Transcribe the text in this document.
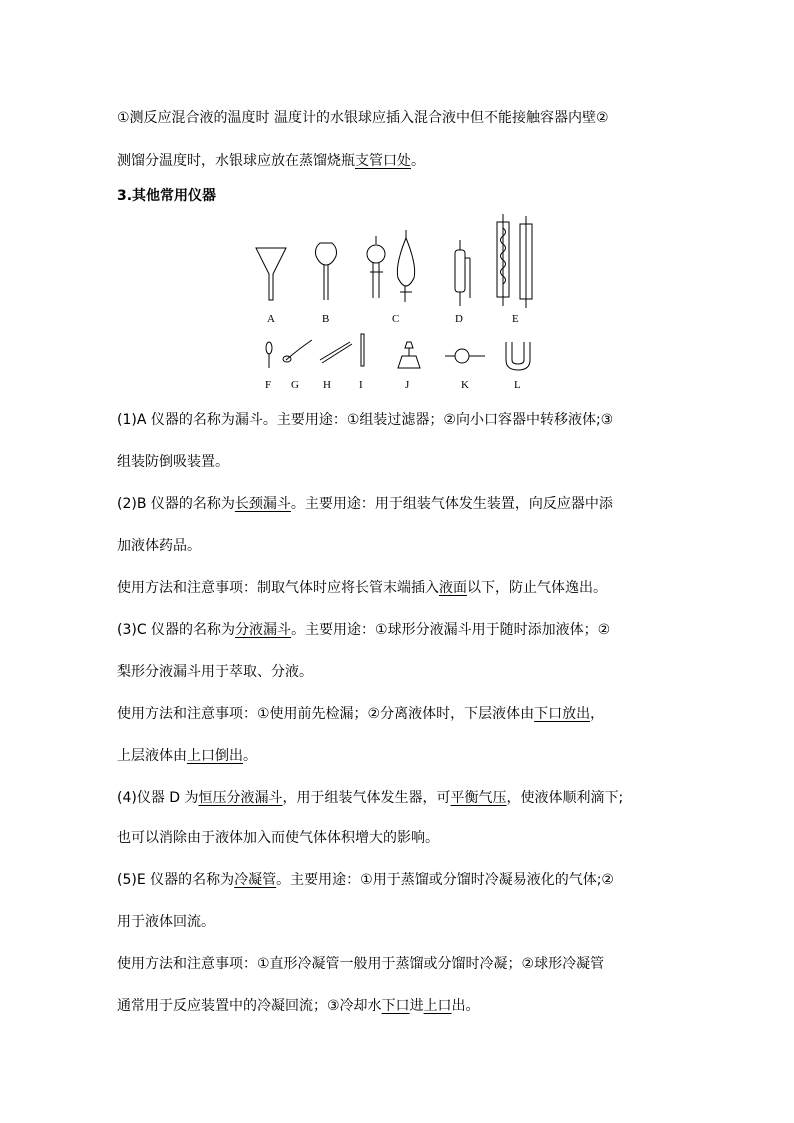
①测反应混合液的温度时 温度计的水银球应插入混合液中但不能接触容器内壁②
测馏分温度时，水银球应放在蒸馏烧瓶支管口处。
3.其他常用仪器
A	B	C	D	E
F G H	I	J	K	L
(1)A 仪器的名称为漏斗。主要用途：①组装过滤器；②向小口容器中转移液体;③
组装防倒吸装置。
(2)B 仪器的名称为长颈漏斗。主要用途：用于组装气体发生装置，向反应器中添
加液体药品。
使用方法和注意事项：制取气体时应将长管末端插入液面以下，防止气体逸出。
(3)C 仪器的名称为分液漏斗。主要用途：①球形分液漏斗用于随时添加液体；②
梨形分液漏斗用于萃取、分液。
使用方法和注意事项：①使用前先检漏；②分离液体时，下层液体由下口放出，
上层液体由上口倒出。
(4)仪器 D 为恒压分液漏斗，用于组装气体发生器，可平衡气压，使液体顺利滴下;
也可以消除由于液体加入而使气体体积增大的影响。
(5)E 仪器的名称为冷凝管。主要用途：①用于蒸馏或分馏时冷凝易液化的气体;②
用于液体回流。
使用方法和注意事项：①直形冷凝管一般用于蒸馏或分馏时冷凝；②球形冷凝管
通常用于反应装置中的冷凝回流；③冷却水下口进上口出。
